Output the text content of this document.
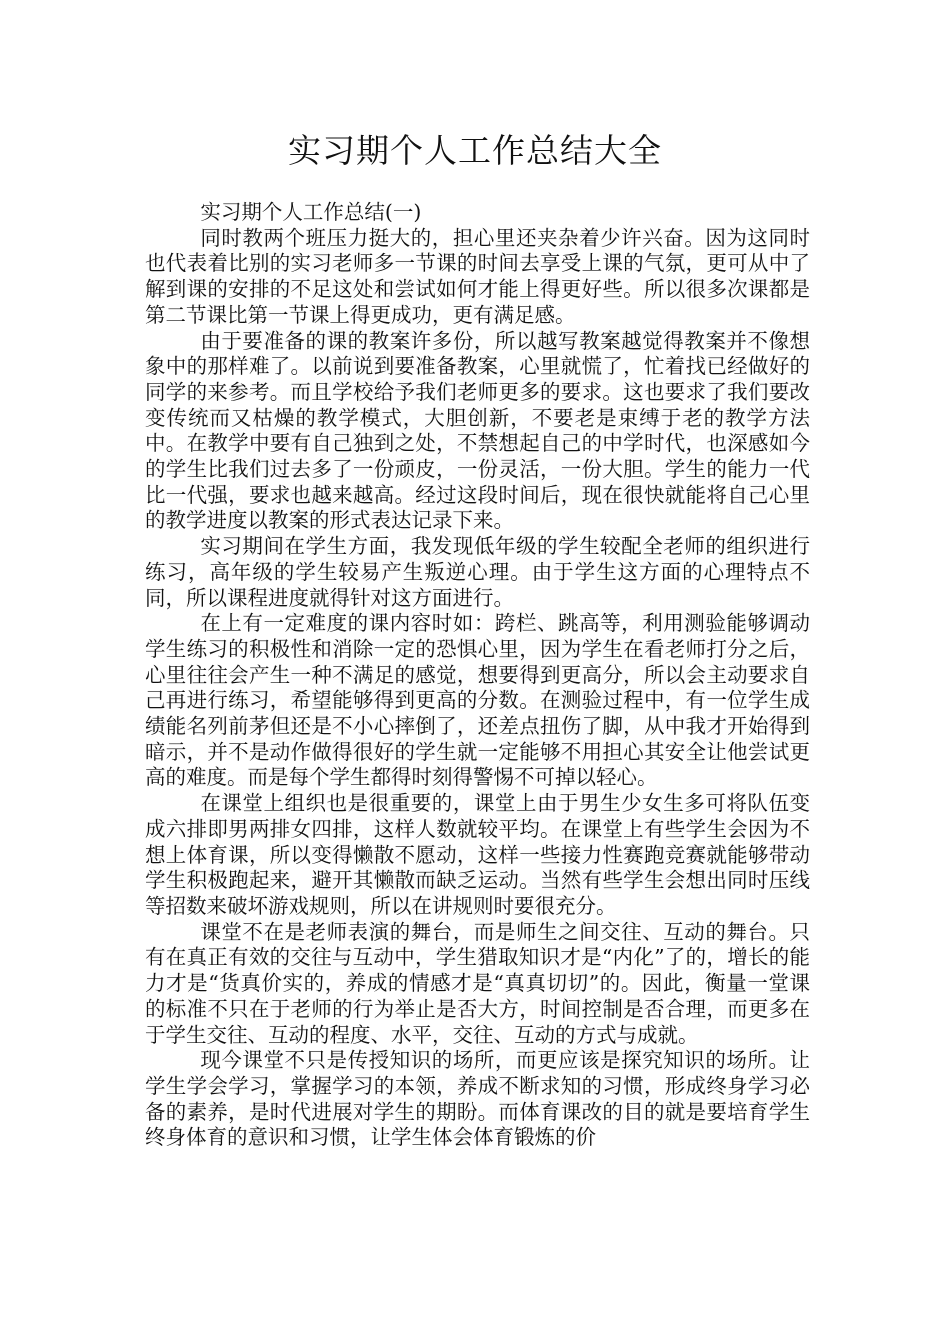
实习期个人工作总结大全

实习期个人工作总结(一)

同时教两个班压力挺大的，担心里还夹杂着少许兴奋。因为这同时也代表着比别的实习老师多一节课的时间去享受上课的气氛，更可从中了解到课的安排的不足这处和尝试如何才能上得更好些。所以很多次课都是第二节课比第一节课上得更成功，更有满足感。

由于要准备的课的教案许多份，所以越写教案越觉得教案并不像想象中的那样难了。以前说到要准备教案，心里就慌了，忙着找已经做好的同学的来参考。而且学校给予我们老师更多的要求。这也要求了我们要改变传统而又枯燥的教学模式，大胆创新，不要老是束缚于老的教学方法中。在教学中要有自己独到之处，不禁想起自己的中学时代，也深感如今的学生比我们过去多了一份顽皮，一份灵活，一份大胆。学生的能力一代比一代强，要求也越来越高。经过这段时间后，现在很快就能将自己心里的教学进度以教案的形式表达记录下来。

实习期间在学生方面，我发现低年级的学生较配全老师的组织进行练习，高年级的学生较易产生叛逆心理。由于学生这方面的心理特点不同，所以课程进度就得针对这方面进行。

在上有一定难度的课内容时如：跨栏、跳高等，利用测验能够调动学生练习的积极性和消除一定的恐惧心里，因为学生在看老师打分之后，心里往往会产生一种不满足的感觉，想要得到更高分，所以会主动要求自己再进行练习，希望能够得到更高的分数。在测验过程中，有一位学生成绩能名列前茅但还是不小心摔倒了，还差点扭伤了脚，从中我才开始得到暗示，并不是动作做得很好的学生就一定能够不用担心其安全让他尝试更高的难度。而是每个学生都得时刻得警惕不可掉以轻心。

在课堂上组织也是很重要的，课堂上由于男生少女生多可将队伍变成六排即男两排女四排，这样人数就较平均。在课堂上有些学生会因为不想上体育课，所以变得懒散不愿动，这样一些接力性赛跑竞赛就能够带动学生积极跑起来，避开其懒散而缺乏运动。当然有些学生会想出同时压线等招数来破坏游戏规则，所以在讲规则时要很充分。

课堂不在是老师表演的舞台，而是师生之间交往、互动的舞台。只有在真正有效的交往与互动中，学生猎取知识才是“内化”了的，增长的能力才是“货真价实的，养成的情感才是“真真切切”的。因此，衡量一堂课的标准不只在于老师的行为举止是否大方，时间控制是否合理，而更多在于学生交往、互动的程度、水平，交往、互动的方式与成就。

现今课堂不只是传授知识的场所，而更应该是探究知识的场所。让学生学会学习，掌握学习的本领，养成不断求知的习惯，形成终身学习必备的素养，是时代进展对学生的期盼。而体育课改的目的就是要培育学生终身体育的意识和习惯，让学生体会体育锻炼的价
